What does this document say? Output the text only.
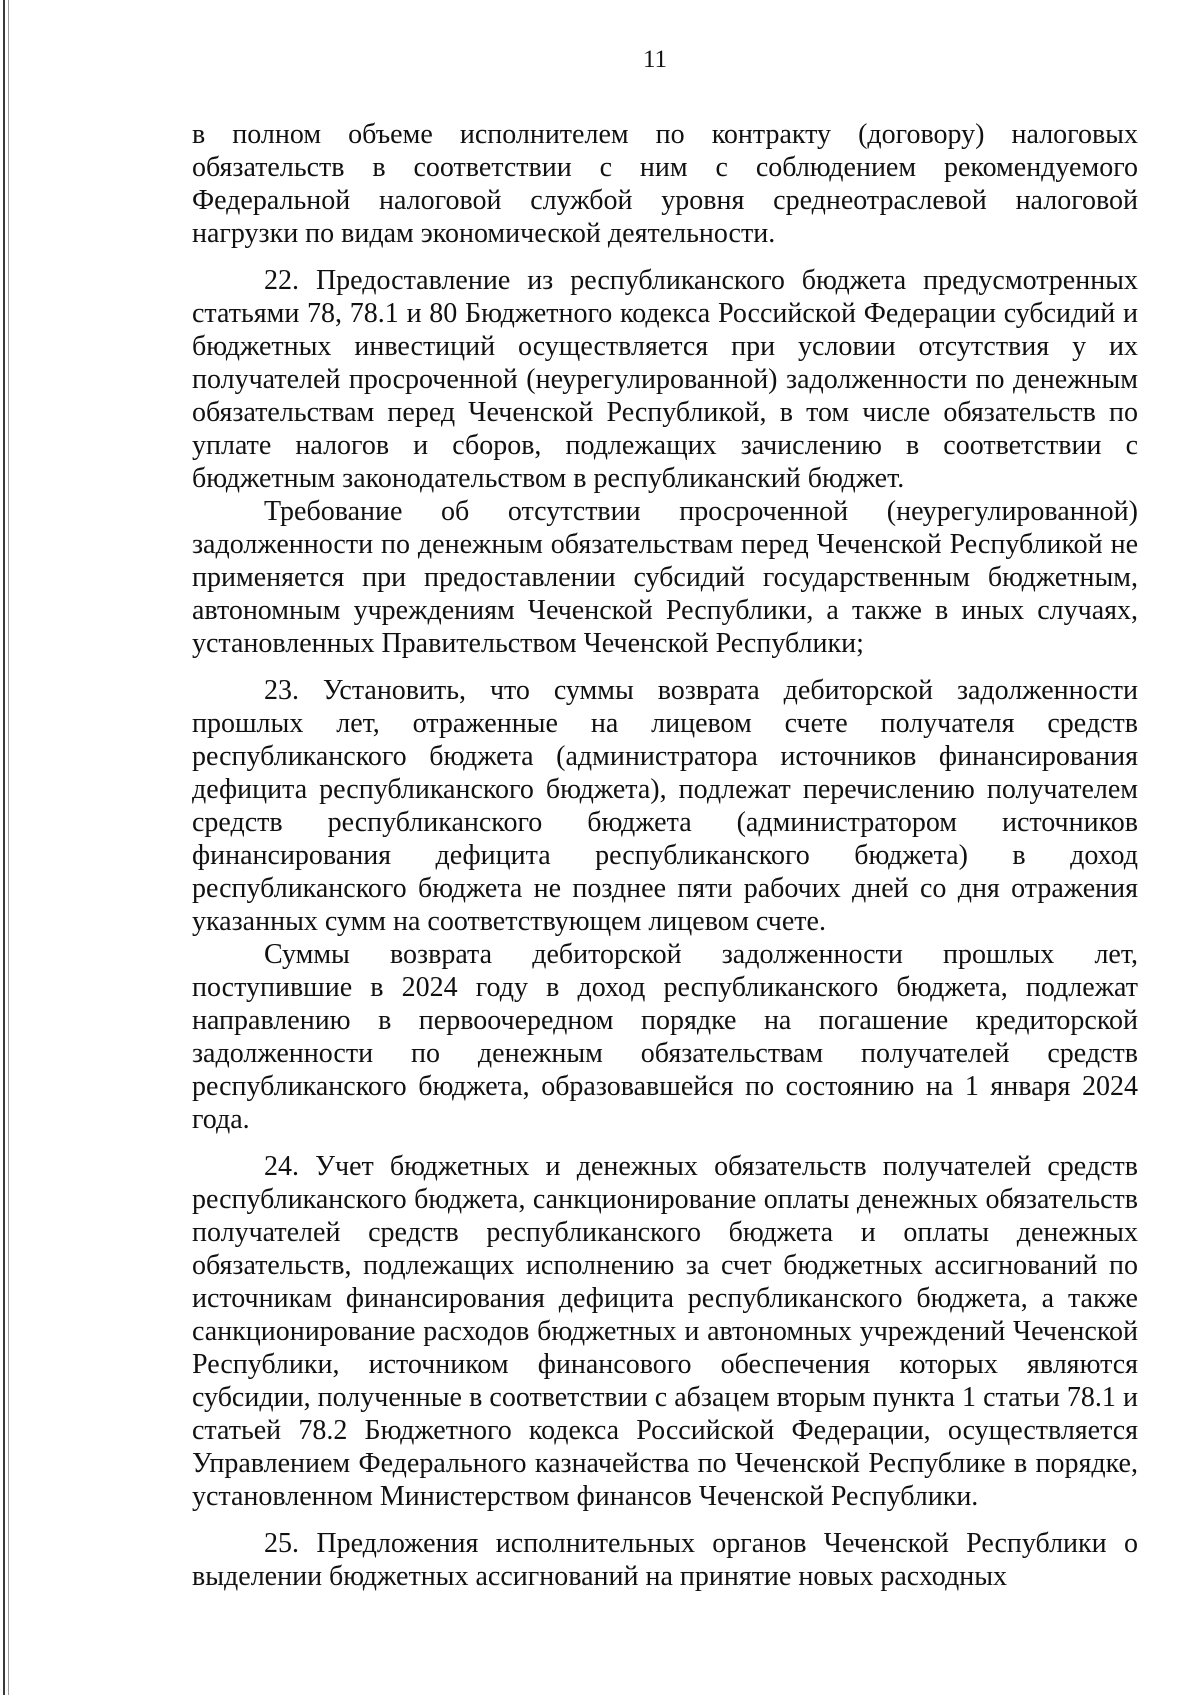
11

в полном объеме исполнителем по контракту (договору) налоговых обязательств в соответствии с ним с соблюдением рекомендуемого Федеральной налоговой службой уровня среднеотраслевой налоговой нагрузки по видам экономической деятельности.

22. Предоставление из республиканского бюджета предусмотренных статьями 78, 78.1 и 80 Бюджетного кодекса Российской Федерации субсидий и бюджетных инвестиций осуществляется при условии отсутствия у их получателей просроченной (неурегулированной) задолженности по денежным обязательствам перед Чеченской Республикой, в том числе обязательств по уплате налогов и сборов, подлежащих зачислению в соответствии с бюджетным законодательством в республиканский бюджет.

Требование об отсутствии просроченной (неурегулированной) задолженности по денежным обязательствам перед Чеченской Республикой не применяется при предоставлении субсидий государственным бюджетным, автономным учреждениям Чеченской Республики, а также в иных случаях, установленных Правительством Чеченской Республики;

23. Установить, что суммы возврата дебиторской задолженности прошлых лет, отраженные на лицевом счете получателя средств республиканского бюджета (администратора источников финансирования дефицита республиканского бюджета), подлежат перечислению получателем средств республиканского бюджета (администратором источников финансирования дефицита республиканского бюджета) в доход республиканского бюджета не позднее пяти рабочих дней со дня отражения указанных сумм на соответствующем лицевом счете.

Суммы возврата дебиторской задолженности прошлых лет, поступившие в 2024 году в доход республиканского бюджета, подлежат направлению в первоочередном порядке на погашение кредиторской задолженности по денежным обязательствам получателей средств республиканского бюджета, образовавшейся по состоянию на 1 января 2024 года.

24. Учет бюджетных и денежных обязательств получателей средств республиканского бюджета, санкционирование оплаты денежных обязательств получателей средств республиканского бюджета и оплаты денежных обязательств, подлежащих исполнению за счет бюджетных ассигнований по источникам финансирования дефицита республиканского бюджета, а также санкционирование расходов бюджетных и автономных учреждений Чеченской Республики, источником финансового обеспечения которых являются субсидии, полученные в соответствии с абзацем вторым пункта 1 статьи 78.1 и статьей 78.2 Бюджетного кодекса Российской Федерации, осуществляется Управлением Федерального казначейства по Чеченской Республике в порядке, установленном Министерством финансов Чеченской Республики.

25. Предложения исполнительных органов Чеченской Республики о выделении бюджетных ассигнований на принятие новых расходных
